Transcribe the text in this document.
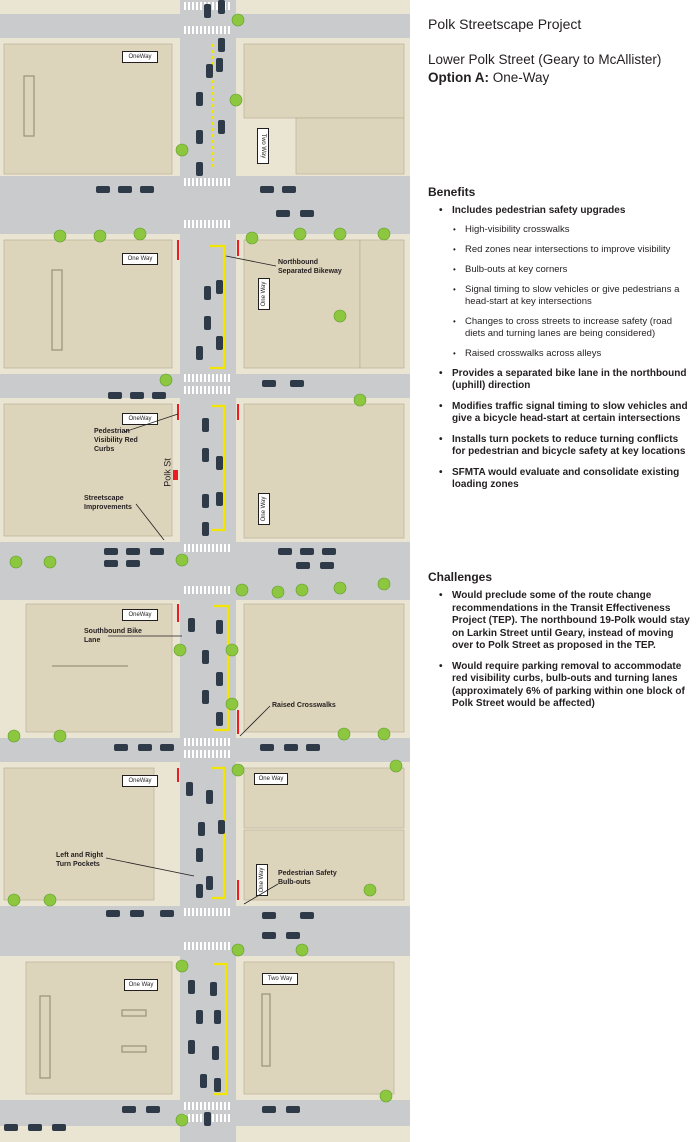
OneWay
One Way
OneWay
OneWay
OneWay
One Way
One Way
Two Way
Two Way
One Way
One Way
One Way
Polk St
Northbound Separated Bikeway
Pedestrian Visibility Red Curbs
Streetscape Improvements
Southbound Bike Lane
Raised Crosswalks
Left and Right Turn Pockets
Pedestrian Safety Bulb-outs
Polk Streetscape Project
Lower Polk Street (Geary to McAllister)
Option A: One-Way
Benefits
• Includes pedestrian safety upgrades
• High-visibility crosswalks
• Red zones near intersections to improve visibility
• Bulb-outs at key corners
• Signal timing to slow vehicles or give pedestrians a head-start at key intersections
• Changes to cross streets to increase safety (road diets and turning lanes are being considered)
• Raised crosswalks across alleys
• Provides a separated bike lane in the northbound (uphill) direction
• Modifies traffic signal timing to slow vehicles and give a bicycle head-start at certain intersections
• Installs turn pockets to reduce turning conflicts for pedestrian and bicycle safety at key locations
• SFMTA would evaluate and consolidate existing loading zones
Challenges
• Would preclude some of the route change recommendations in the Transit Effectiveness Project (TEP). The northbound 19-Polk would stay on Larkin Street until Geary, instead of moving over to Polk Street as proposed in the TEP.
• Would require parking removal to accommodate red visibility curbs, bulb-outs and turning lanes (approximately 6% of parking within one block of Polk Street would be affected)
